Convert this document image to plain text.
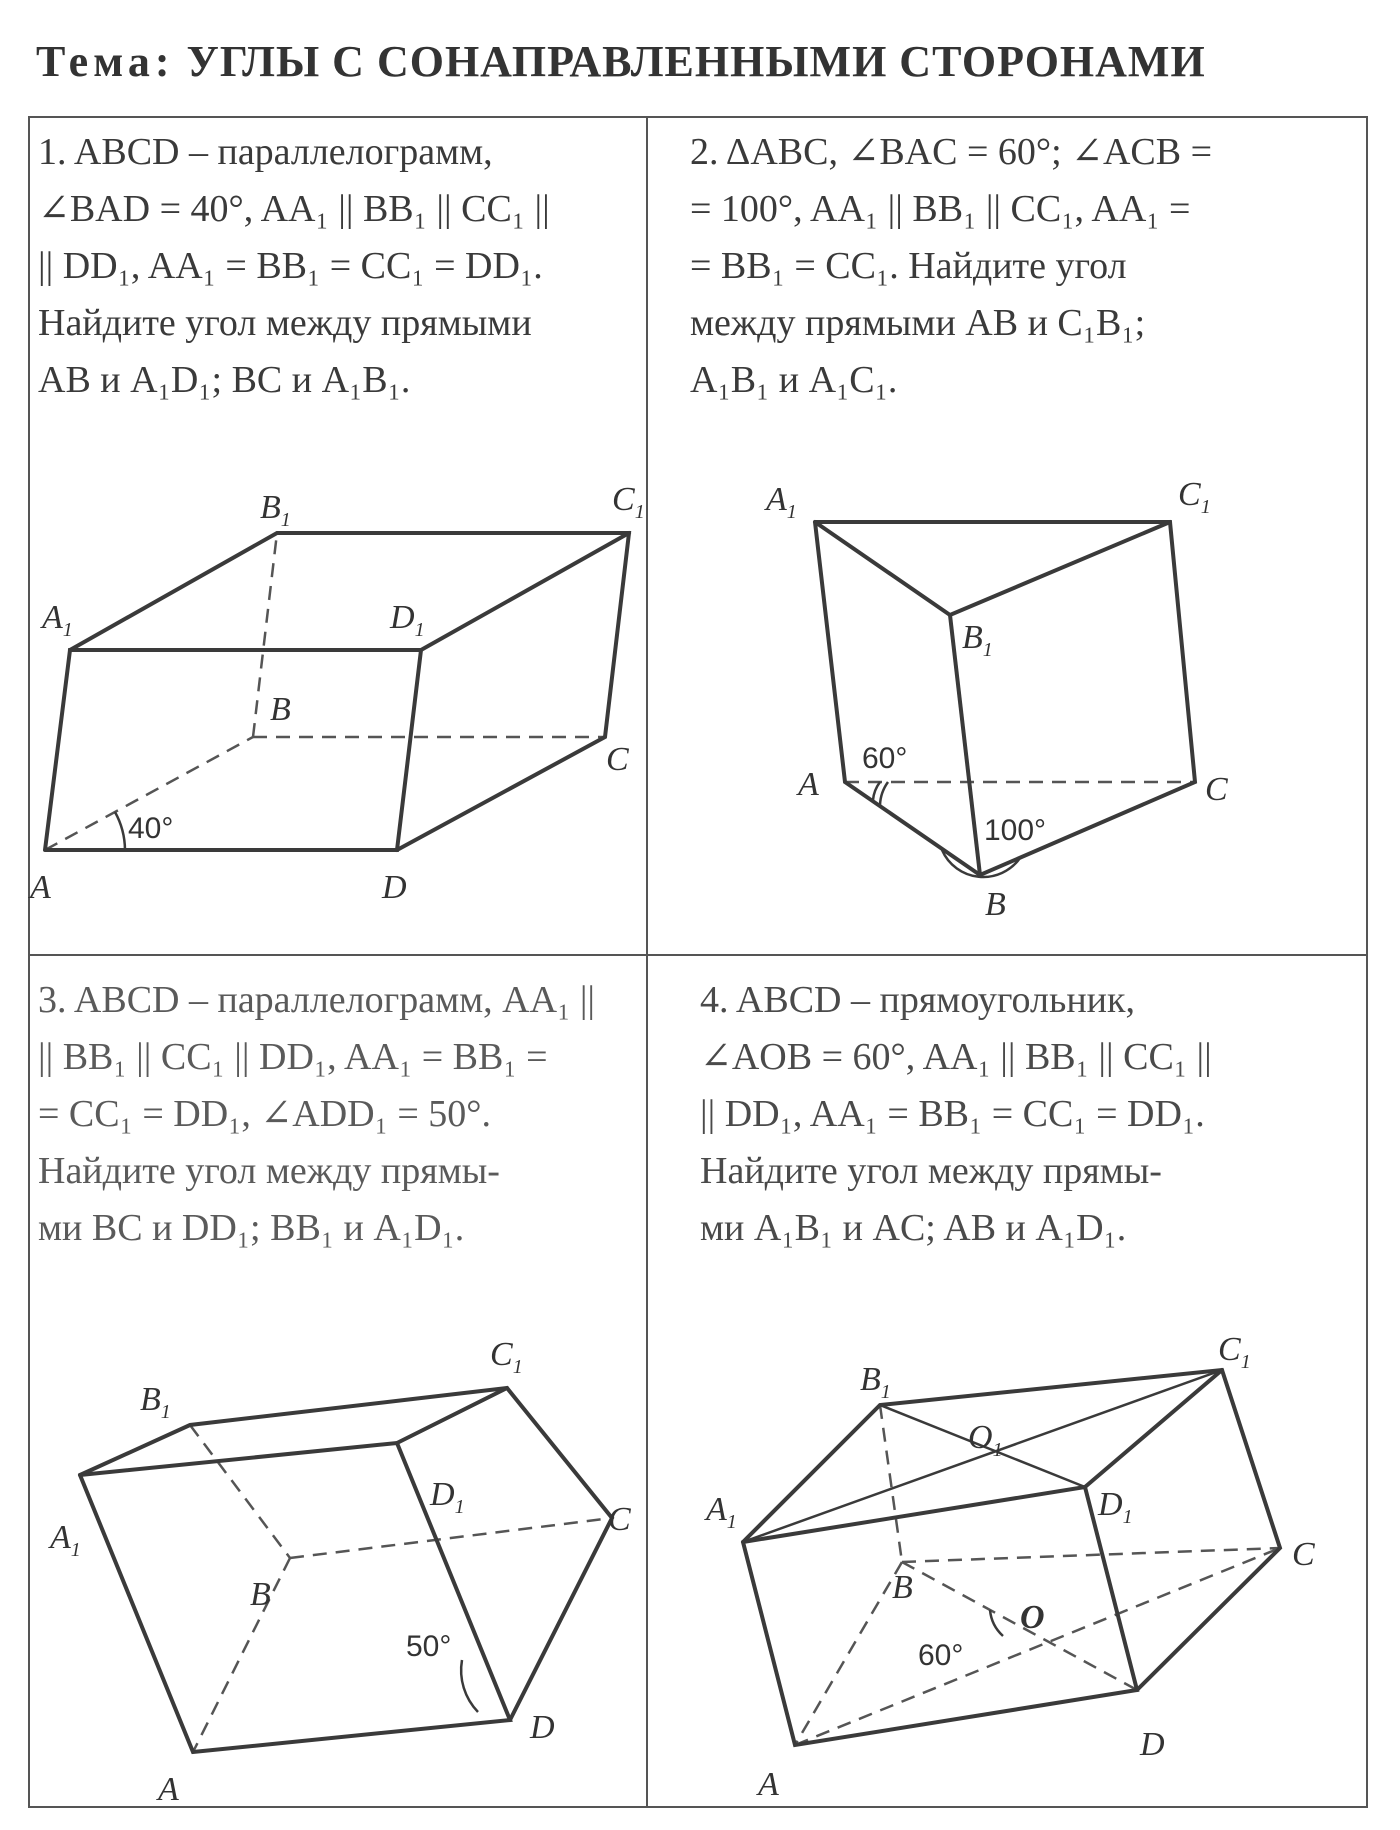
Тема: УГЛЫ С СОНАПРАВЛЕННЫМИ СТОРОНАМИ
1. ABCD – параллелограмм,
∠BAD = 40°, AA₁ || BB₁ || CC₁ ||
|| DD₁, AA₁ = BB₁ = CC₁ = DD₁.
Найдите угол между прямыми
AB и A₁D₁; BC и A₁B₁.
2. ΔABC, ∠BAC = 60°; ∠ACB =
= 100°, AA₁ || BB₁ || CC₁, AA₁ =
= BB₁ = CC₁. Найдите угол
между прямыми AB и C₁B₁;
A₁B₁ и A₁C₁.
3. ABCD – параллелограмм, AA₁ ||
|| BB₁ || CC₁ || DD₁, AA₁ = BB₁ =
= CC₁ = DD₁, ∠ADD₁ = 50°.
Найдите угол между прямы-
ми BC и DD₁; BB₁ и A₁D₁.
4. ABCD – прямоугольник,
∠AOB = 60°, AA₁ || BB₁ || CC₁ ||
|| DD₁, AA₁ = BB₁ = CC₁ = DD₁.
Найдите угол между прямы-
ми A₁B₁ и AC; AB и A₁D₁.
40°
A
B
C
D
$A_1$
$B_1$
$C_1$
$D_1$
60°
100°
A
B
C
$A_1$
$B_1$
$C_1$
50°
A
B
C
D
$A_1$
$B_1$
$C_1$
$D_1$
60°
A
B
C
D
$A_1$
$B_1$
$C_1$
$D_1$
O
$O_1$
